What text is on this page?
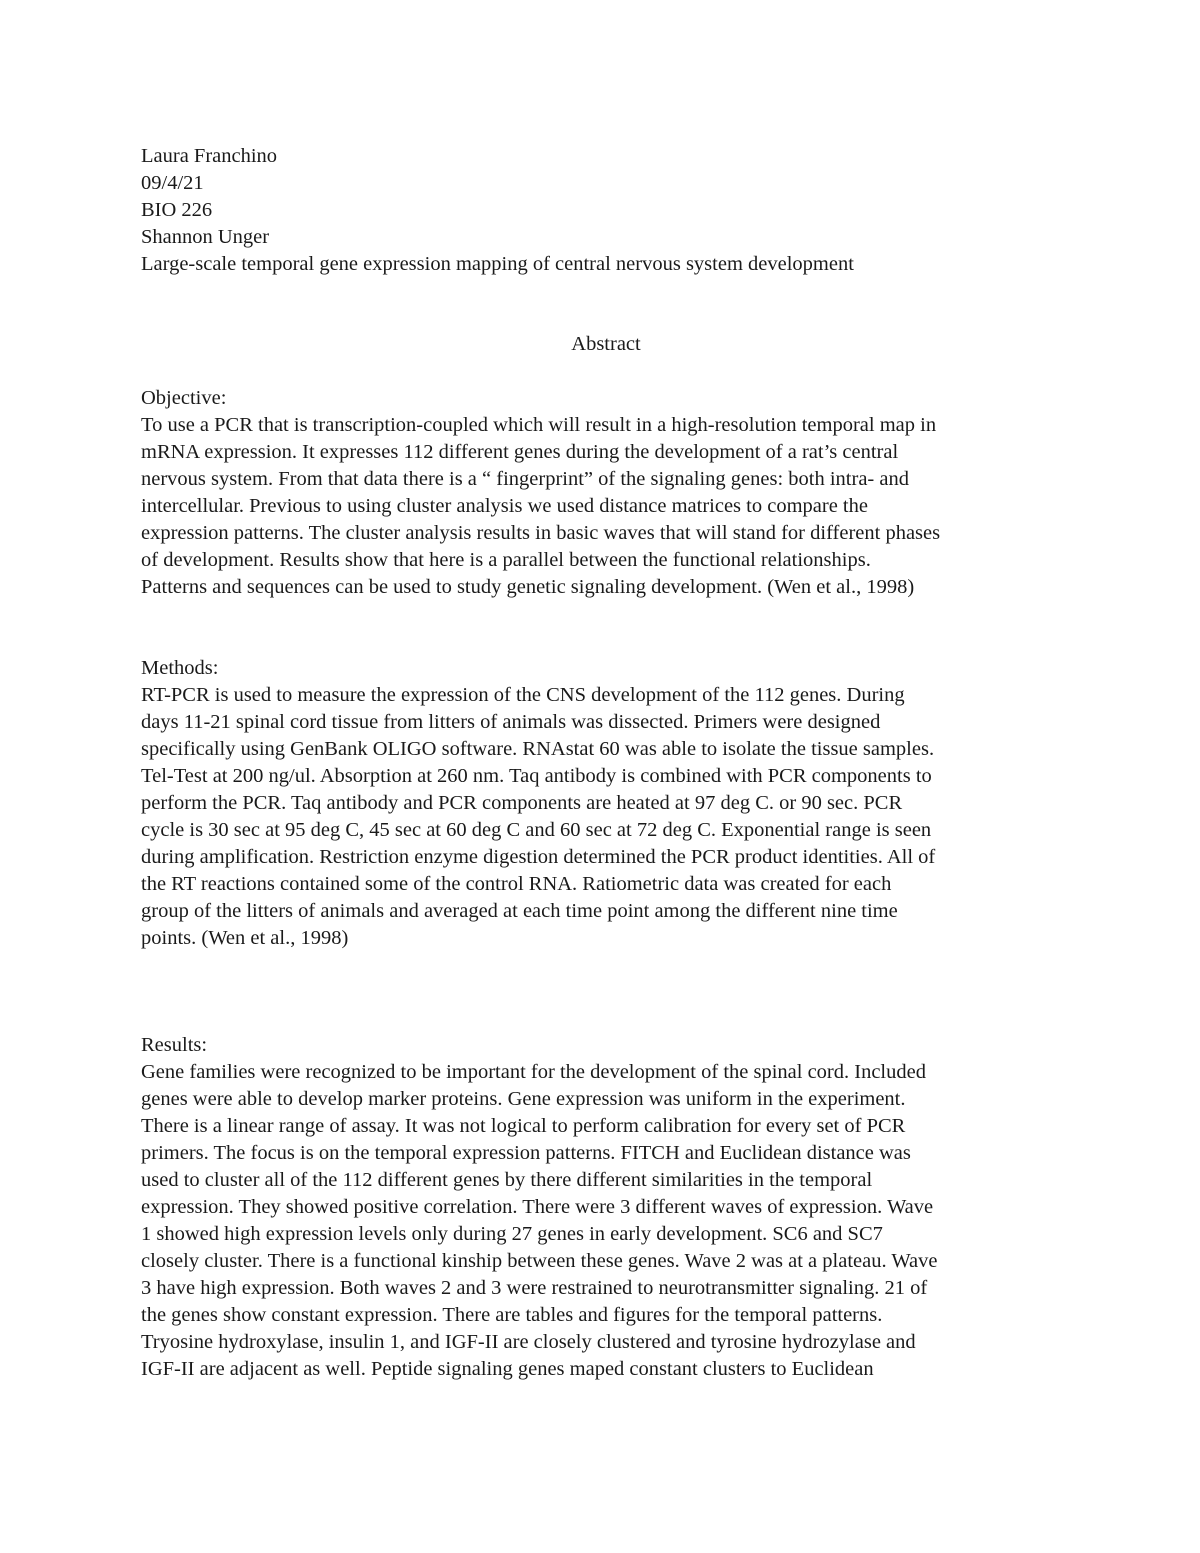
Laura Franchino
09/4/21
BIO 226
Shannon Unger
Large-scale temporal gene expression mapping of central nervous system development
Abstract
Objective:
To use a PCR that is transcription-coupled which will result in a high-resolution temporal map in
mRNA expression. It expresses 112 different genes during the development of a rat’s central
nervous system. From that data there is a “ fingerprint” of the signaling genes: both intra- and
intercellular. Previous to using cluster analysis we used distance matrices to compare the
expression patterns. The cluster analysis results in basic waves that will stand for different phases
of development. Results show that here is a parallel between the functional relationships.
Patterns and sequences can be used to study genetic signaling development. (Wen et al., 1998)
Methods:
RT-PCR is used to measure the expression of the CNS development of the 112 genes. During
days 11-21 spinal cord tissue from litters of animals was dissected. Primers were designed
specifically using GenBank OLIGO software. RNAstat 60 was able to isolate the tissue samples.
Tel-Test at 200 ng/ul. Absorption at 260 nm. Taq antibody is combined with PCR components to
perform the PCR. Taq antibody and PCR components are heated at 97 deg C. or 90 sec. PCR
cycle is 30 sec at 95 deg C, 45 sec at 60 deg C and 60 sec at 72 deg C. Exponential range is seen
during amplification. Restriction enzyme digestion determined the PCR product identities. All of
the RT reactions contained some of the control RNA. Ratiometric data was created for each
group of the litters of animals and averaged at each time point among the different nine time
points. (Wen et al., 1998)
Results:
Gene families were recognized to be important for the development of the spinal cord. Included
genes were able to develop marker proteins. Gene expression was uniform in the experiment.
There is a linear range of assay. It was not logical to perform calibration for every set of PCR
primers. The focus is on the temporal expression patterns. FITCH and Euclidean distance was
used to cluster all of the 112 different genes by there different similarities in the temporal
expression. They showed positive correlation. There were 3 different waves of expression. Wave
1 showed high expression levels only during 27 genes in early development. SC6 and SC7
closely cluster. There is a functional kinship between these genes. Wave 2 was at a plateau. Wave
3 have high expression. Both waves 2 and 3 were restrained to neurotransmitter signaling. 21 of
the genes show constant expression. There are tables and figures for the temporal patterns.
Tryosine hydroxylase, insulin 1, and IGF-II are closely clustered and tyrosine hydrozylase and
IGF-II are adjacent as well. Peptide signaling genes maped constant clusters to Euclidean
